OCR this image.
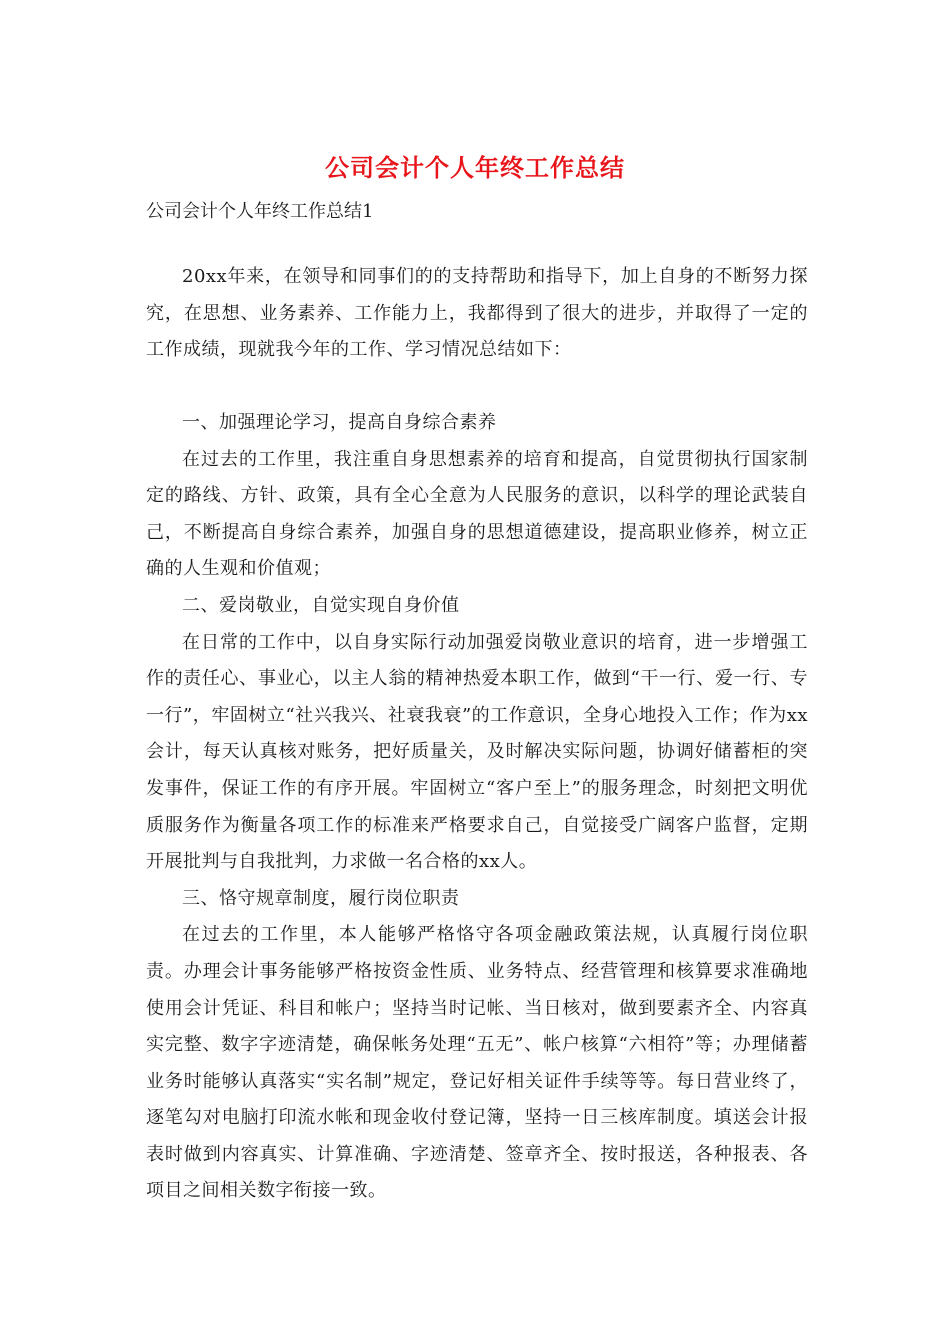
公司会计个人年终工作总结
公司会计个人年终工作总结1

20xx年来，在领导和同事们的的支持帮助和指导下，加上自身的不断努力探究，在思想、业务素养、工作能力上，我都得到了很大的进步，并取得了一定的工作成绩，现就我今年的工作、学习情况总结如下：

一、加强理论学习，提高自身综合素养

在过去的工作里，我注重自身思想素养的培育和提高，自觉贯彻执行国家制定的路线、方针、政策，具有全心全意为人民服务的意识，以科学的理论武装自己，不断提高自身综合素养，加强自身的思想道德建设，提高职业修养，树立正确的人生观和价值观；

二、爱岗敬业，自觉实现自身价值

在日常的工作中，以自身实际行动加强爱岗敬业意识的培育，进一步增强工作的责任心、事业心，以主人翁的精神热爱本职工作，做到“干一行、爱一行、专一行”，牢固树立“社兴我兴、社衰我衰”的工作意识，全身心地投入工作；作为xx会计，每天认真核对账务，把好质量关，及时解决实际问题，协调好储蓄柜的突发事件，保证工作的有序开展。牢固树立“客户至上”的服务理念，时刻把文明优质服务作为衡量各项工作的标准来严格要求自己，自觉接受广阔客户监督，定期开展批判与自我批判，力求做一名合格的xx人。

三、恪守规章制度，履行岗位职责

在过去的工作里，本人能够严格恪守各项金融政策法规，认真履行岗位职责。办理会计事务能够严格按资金性质、业务特点、经营管理和核算要求准确地使用会计凭证、科目和帐户；坚持当时记帐、当日核对，做到要素齐全、内容真实完整、数字字迹清楚，确保帐务处理“五无”、帐户核算“六相符”等；办理储蓄业务时能够认真落实“实名制”规定，登记好相关证件手续等等。每日营业终了，逐笔勾对电脑打印流水帐和现金收付登记簿，坚持一日三核库制度。填送会计报表时做到内容真实、计算准确、字迹清楚、签章齐全、按时报送，各种报表、各项目之间相关数字衔接一致。
